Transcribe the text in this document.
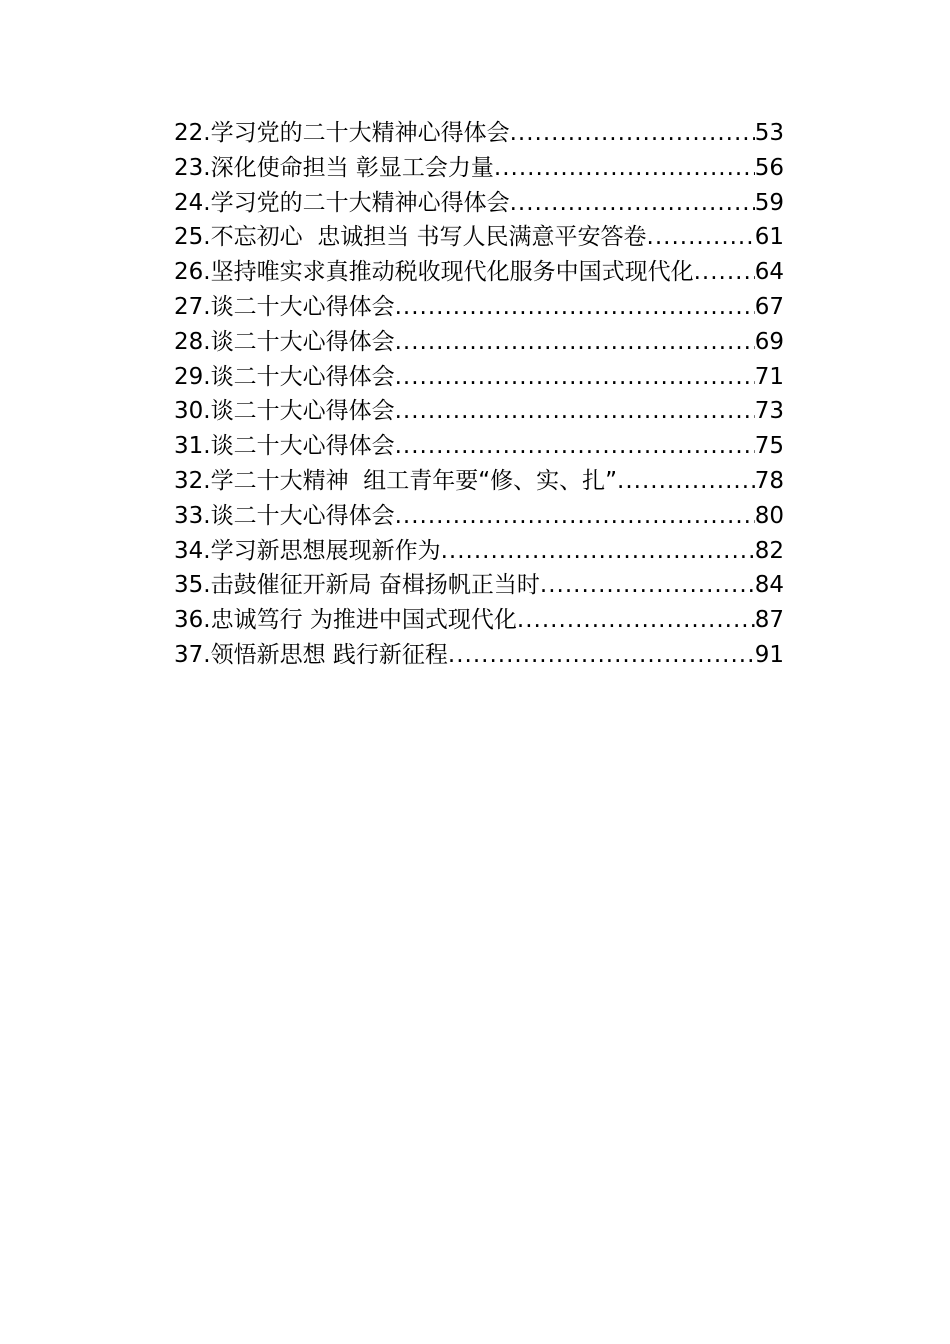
22. 学习党的二十大精神心得体会 .....	53
23. 深化使命担当 彰显工会力量 .....	56
24. 学习党的二十大精神心得体会 .....	59
25. 不忘初心  忠诚担当 书写人民满意平安答卷 .....	61
26. 坚持唯实求真推动税收现代化服务中国式现代化 .....	64
27. 谈二十大心得体会 .....	67
28. 谈二十大心得体会 .....	69
29. 谈二十大心得体会 .....	71
30. 谈二十大心得体会 .....	73
31. 谈二十大心得体会 .....	75
32. 学二十大精神  组工青年要“修、实、扎” .....	78
33. 谈二十大心得体会 .....	80
34. 学习新思想展现新作为 .....	82
35. 击鼓催征开新局 奋楫扬帆正当时 .....	84
36. 忠诚笃行 为推进中国式现代化 .....	87
37. 领悟新思想 践行新征程 .....	91
